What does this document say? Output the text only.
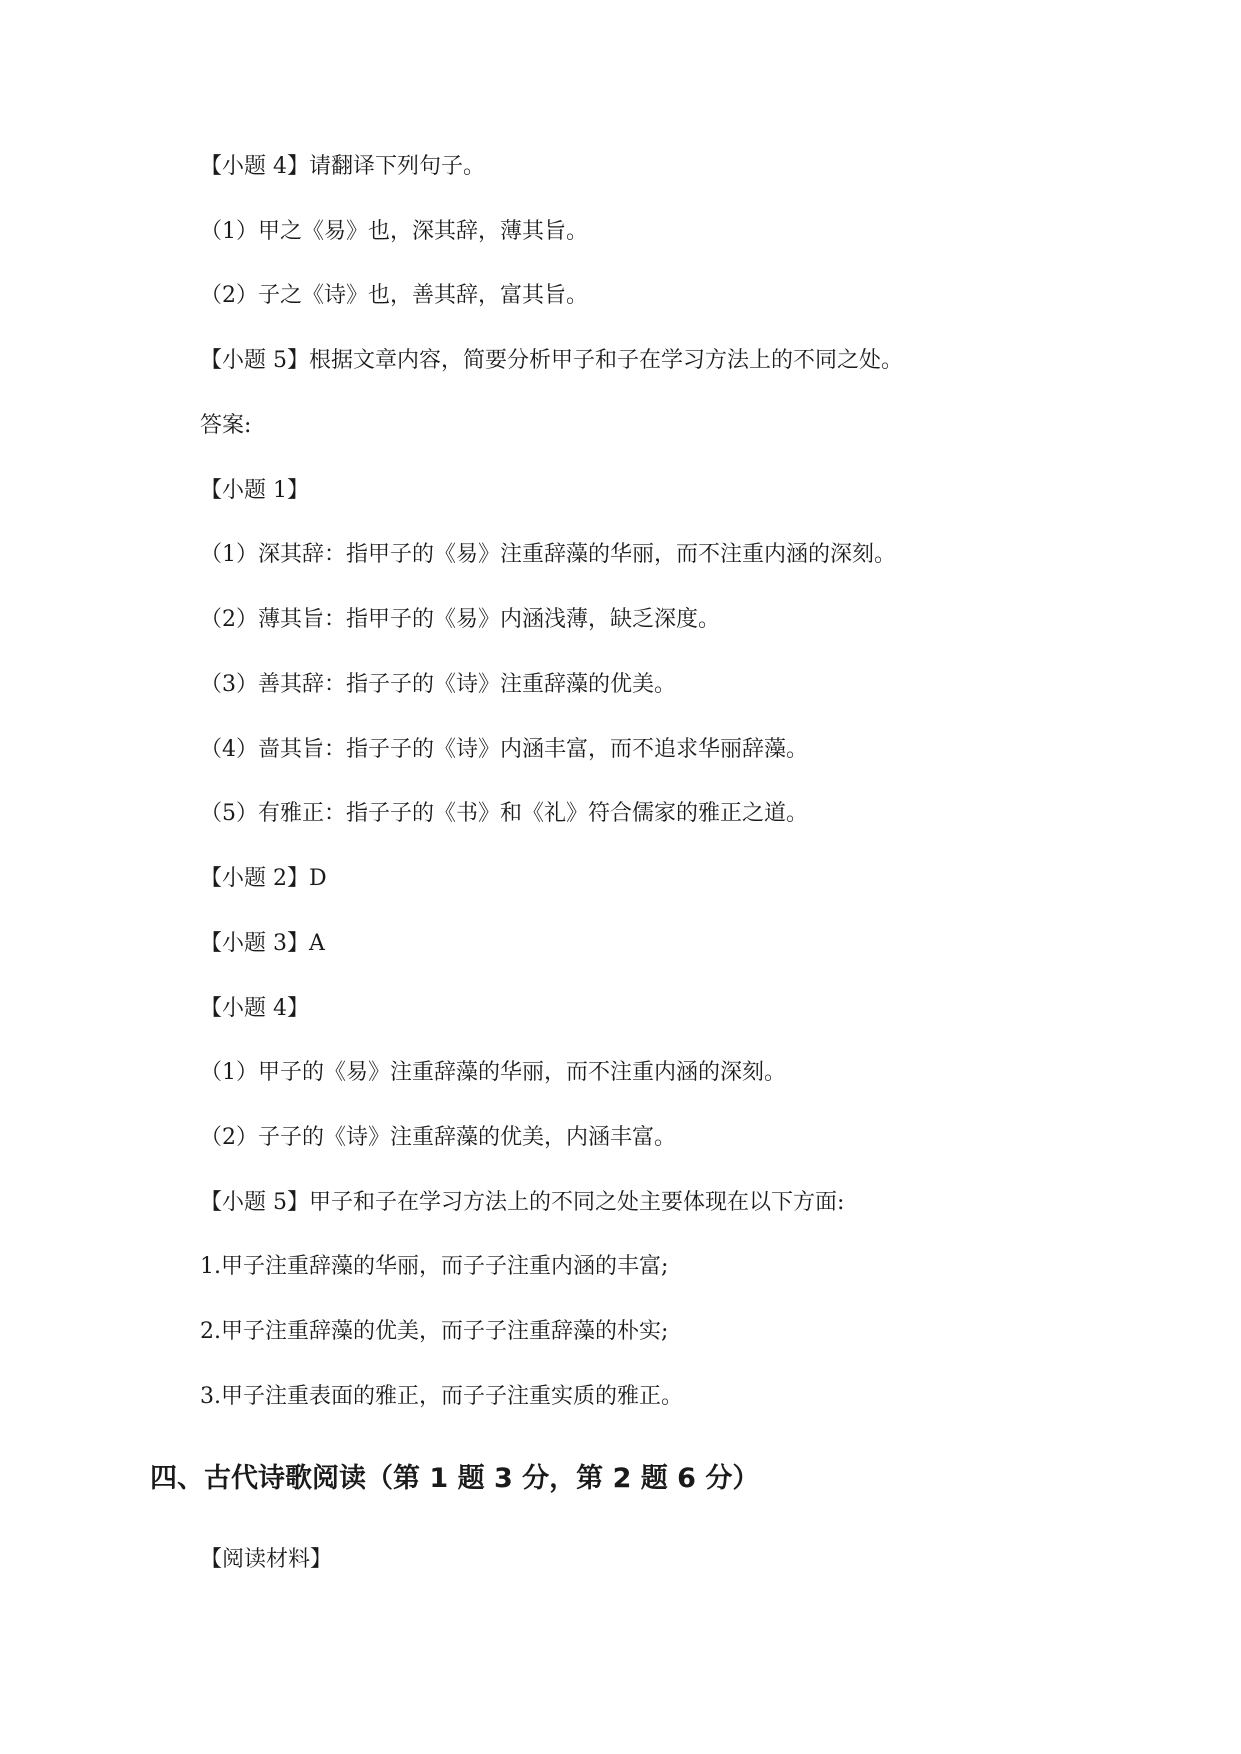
【小题 4】请翻译下列句子。
（1）甲之《易》也，深其辞，薄其旨。
（2）子之《诗》也，善其辞，富其旨。
【小题 5】根据文章内容，简要分析甲子和子在学习方法上的不同之处。
答案:
【小题 1】
（1）深其辞：指甲子的《易》注重辞藻的华丽，而不注重内涵的深刻。
（2）薄其旨：指甲子的《易》内涵浅薄，缺乏深度。
（3）善其辞：指子子的《诗》注重辞藻的优美。
（4）啬其旨：指子子的《诗》内涵丰富，而不追求华丽辞藻。
（5）有雅正：指子子的《书》和《礼》符合儒家的雅正之道。
【小题 2】D
【小题 3】A
【小题 4】
（1）甲子的《易》注重辞藻的华丽，而不注重内涵的深刻。
（2）子子的《诗》注重辞藻的优美，内涵丰富。
【小题 5】甲子和子在学习方法上的不同之处主要体现在以下方面:
1.甲子注重辞藻的华丽，而子子注重内涵的丰富;
2.甲子注重辞藻的优美，而子子注重辞藻的朴实;
3.甲子注重表面的雅正，而子子注重实质的雅正。
四、古代诗歌阅读（第 1 题 3 分，第 2 题 6 分）
【阅读材料】
